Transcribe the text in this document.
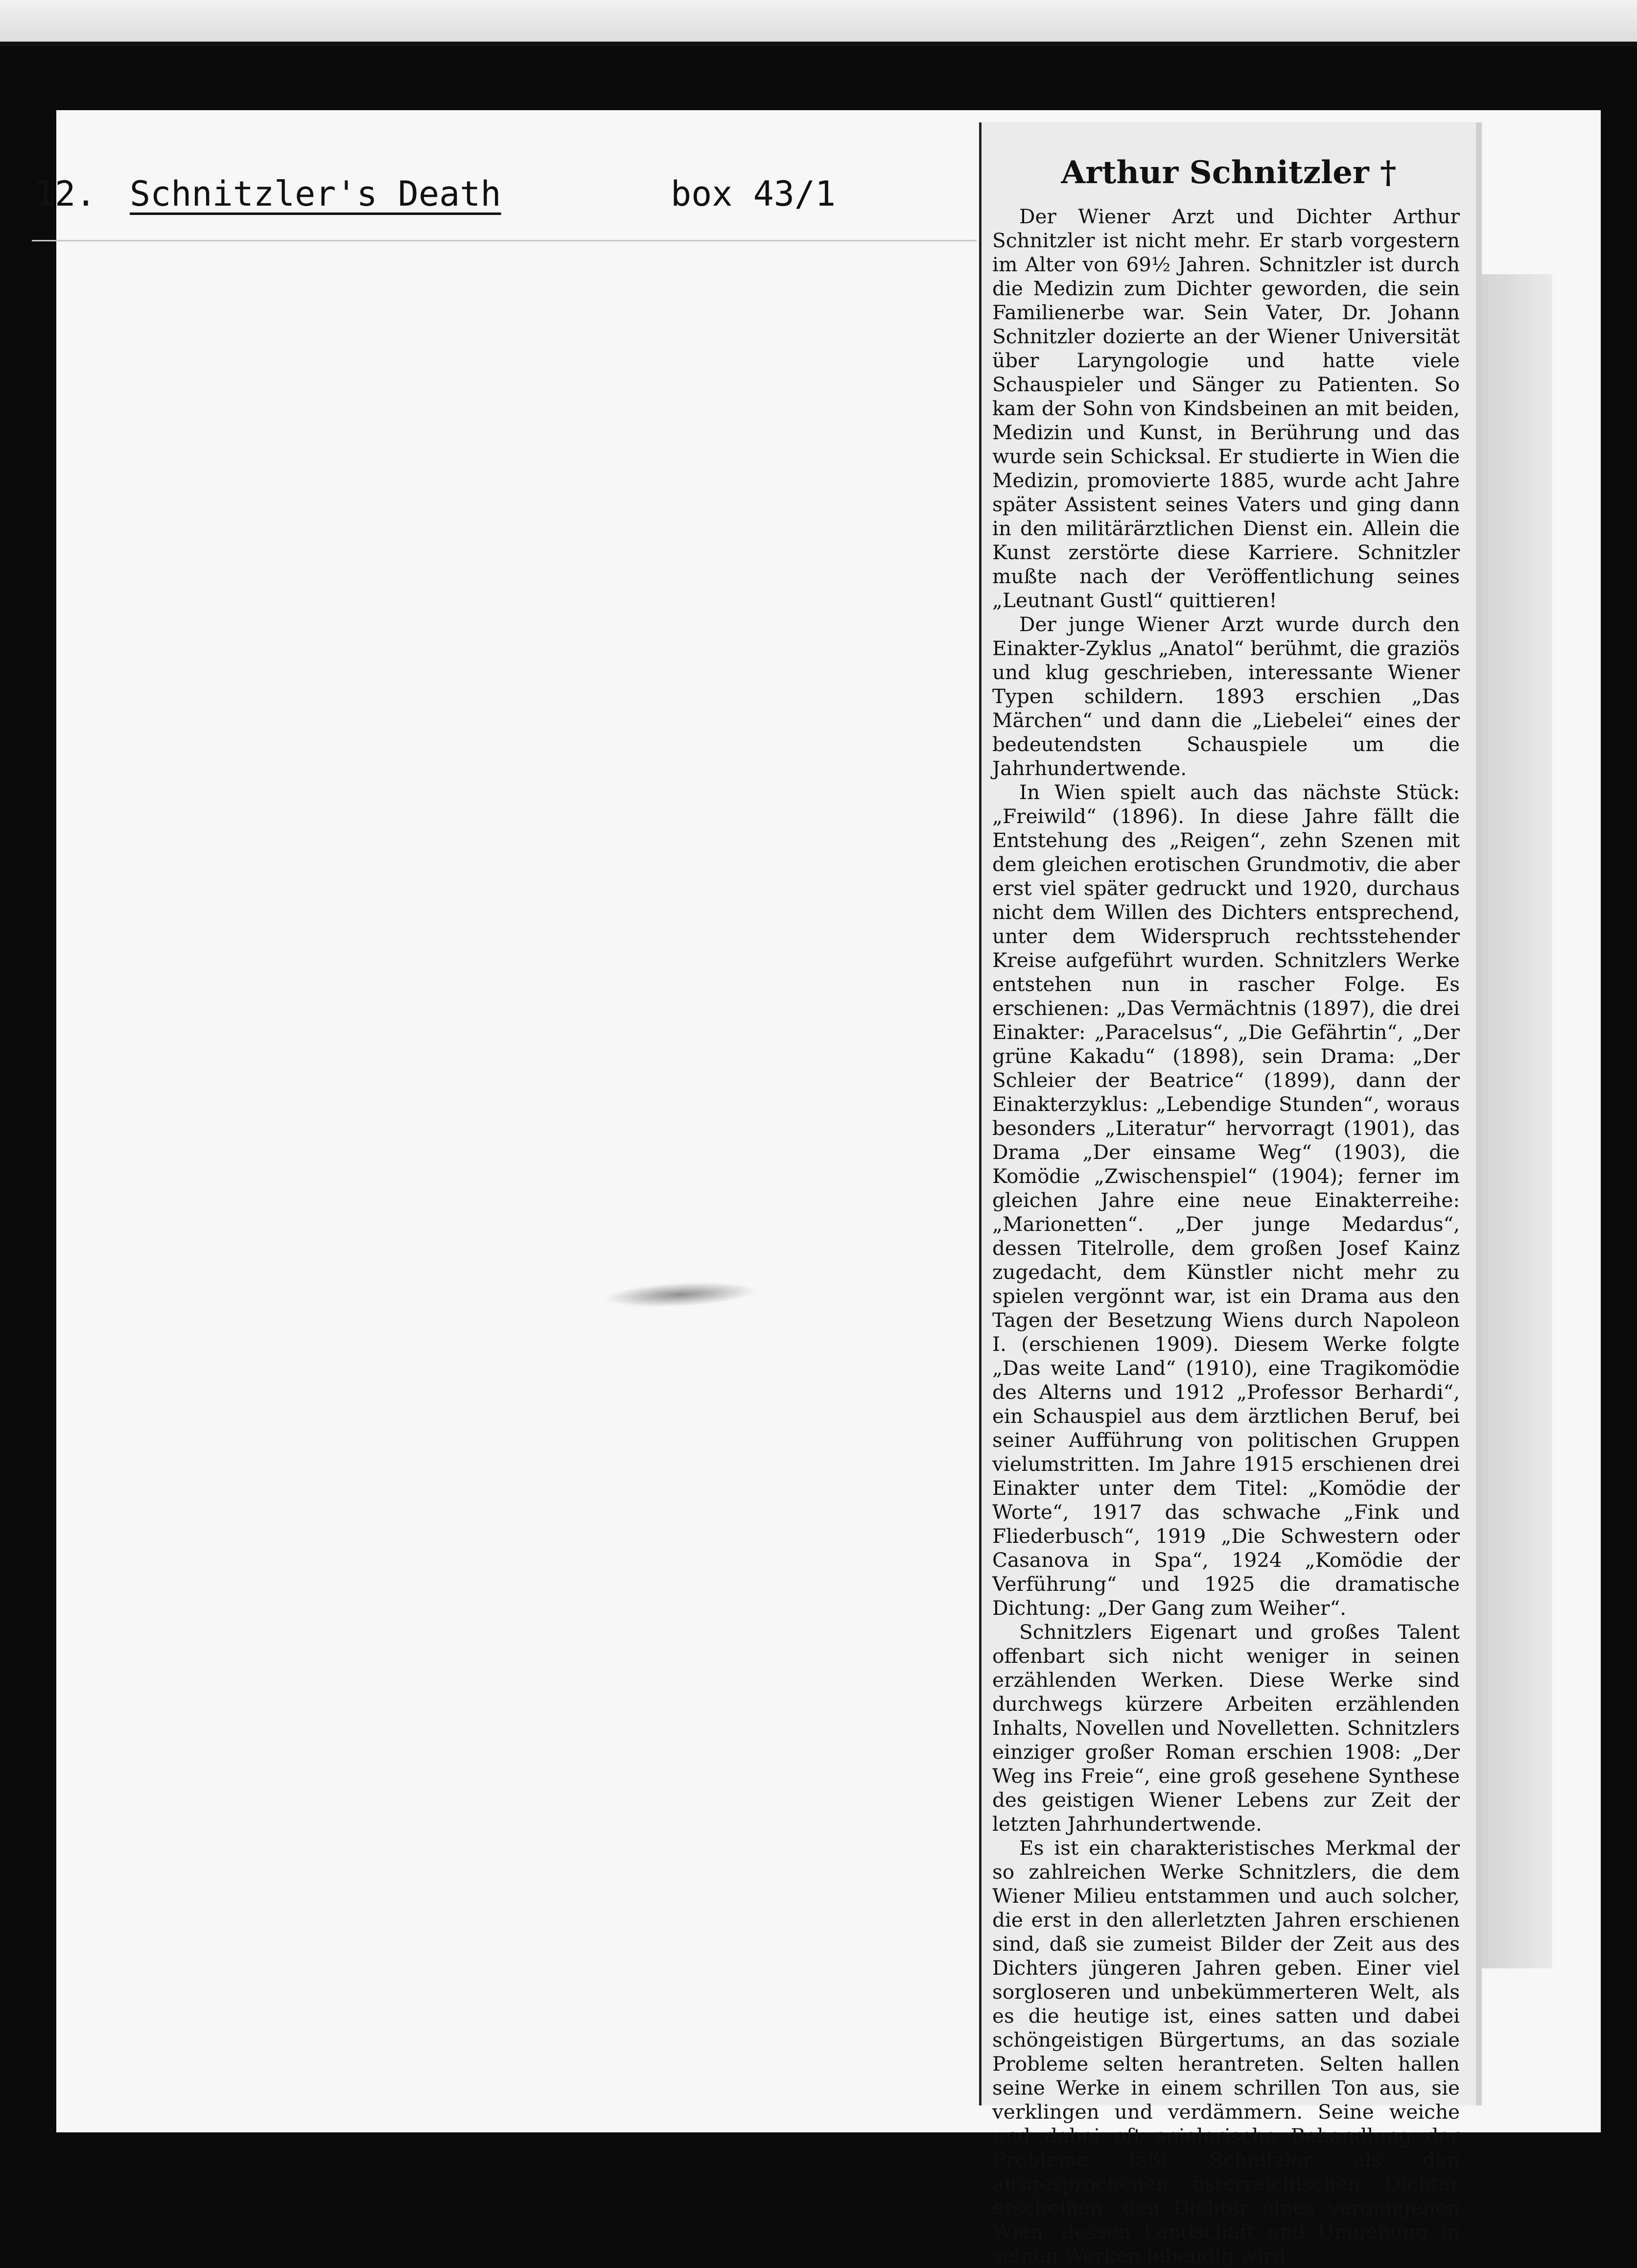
12. Schnitzler's Death	box 43/1
Arthur Schnitzler †

Der Wiener Arzt und Dichter Arthur Schnitzler ist nicht mehr. Er starb vorgestern im Alter von 69½ Jahren. Schnitzler ist durch die Medizin zum Dichter geworden, die sein Familienerbe war. Sein Vater, Dr. Johann Schnitzler dozierte an der Wiener Universität über Laryngologie und hatte viele Schauspieler und Sänger zu Patienten. So kam der Sohn von Kindsbeinen an mit beiden, Medizin und Kunst, in Berührung und das wurde sein Schicksal. Er studierte in Wien die Medizin, promovierte 1885, wurde acht Jahre später Assistent seines Vaters und ging dann in den militärärztlichen Dienst ein. Allein die Kunst zerstörte diese Karriere. Schnitzler mußte nach der Veröffentlichung seines „Leutnant Gustl“ quittieren!

Der junge Wiener Arzt wurde durch den Einakter-Zyklus „Anatol“ berühmt, die graziös und klug geschrieben, interessante Wiener Typen schildern. 1893 erschien „Das Märchen“ und dann die „Liebelei“ eines der bedeutendsten Schauspiele um die Jahrhundertwende.

In Wien spielt auch das nächste Stück: „Freiwild“ (1896). In diese Jahre fällt die Entstehung des „Reigen“, zehn Szenen mit dem gleichen erotischen Grundmotiv, die aber erst viel später gedruckt und 1920, durchaus nicht dem Willen des Dichters entsprechend, unter dem Widerspruch rechtsstehender Kreise aufgeführt wurden. Schnitzlers Werke entstehen nun in rascher Folge. Es erschienen: „Das Vermächtnis (1897), die drei Einakter: „Paracelsus“, „Die Gefährtin“, „Der grüne Kakadu“ (1898), sein Drama: „Der Schleier der Beatrice“ (1899), dann der Einakterzyklus: „Lebendige Stunden“, woraus besonders „Literatur“ hervorragt (1901), das Drama „Der einsame Weg“ (1903), die Komödie „Zwischenspiel“ (1904); ferner im gleichen Jahre eine neue Einakterreihe: „Marionetten“. „Der junge Medardus“, dessen Titelrolle, dem großen Josef Kainz zugedacht, dem Künstler nicht mehr zu spielen vergönnt war, ist ein Drama aus den Tagen der Besetzung Wiens durch Napoleon I. (erschienen 1909). Diesem Werke folgte „Das weite Land“ (1910), eine Tragikomödie des Alterns und 1912 „Professor Berhardi“, ein Schauspiel aus dem ärztlichen Beruf, bei seiner Aufführung von politischen Gruppen vielumstritten. Im Jahre 1915 erschienen drei Einakter unter dem Titel: „Komödie der Worte“, 1917 das schwache „Fink und Fliederbusch“, 1919 „Die Schwestern oder Casanova in Spa“, 1924 „Komödie der Verführung“ und 1925 die dramatische Dichtung: „Der Gang zum Weiher“.

Schnitzlers Eigenart und großes Talent offenbart sich nicht weniger in seinen erzählenden Werken. Diese Werke sind durchwegs kürzere Arbeiten erzählenden Inhalts, Novellen und Novelletten. Schnitzlers einziger großer Roman erschien 1908: „Der Weg ins Freie“, eine groß gesehene Synthese des geistigen Wiener Lebens zur Zeit der letzten Jahrhundertwende.

Es ist ein charakteristisches Merkmal der so zahlreichen Werke Schnitzlers, die dem Wiener Milieu entstammen und auch solcher, die erst in den allerletzten Jahren erschienen sind, daß sie zumeist Bilder der Zeit aus des Dichters jüngeren Jahren geben. Einer viel sorgloseren und unbekümmerteren Welt, als es die heutige ist, eines satten und dabei schöngeistigen Bürgertums, an das soziale Probleme selten herantreten. Selten hallen seine Werke in einem schrillen Ton aus, sie verklingen und verdämmern. Seine weiche und dabei oft spielerische Behandlung der Probleme läßt Schnitzler als den ausgesprochenen österreichischen Dichter erscheinen, den Dichter eines vergangenen Wien, dessen Landschaft und Umgebung in seinen Werken lebendig wird.
